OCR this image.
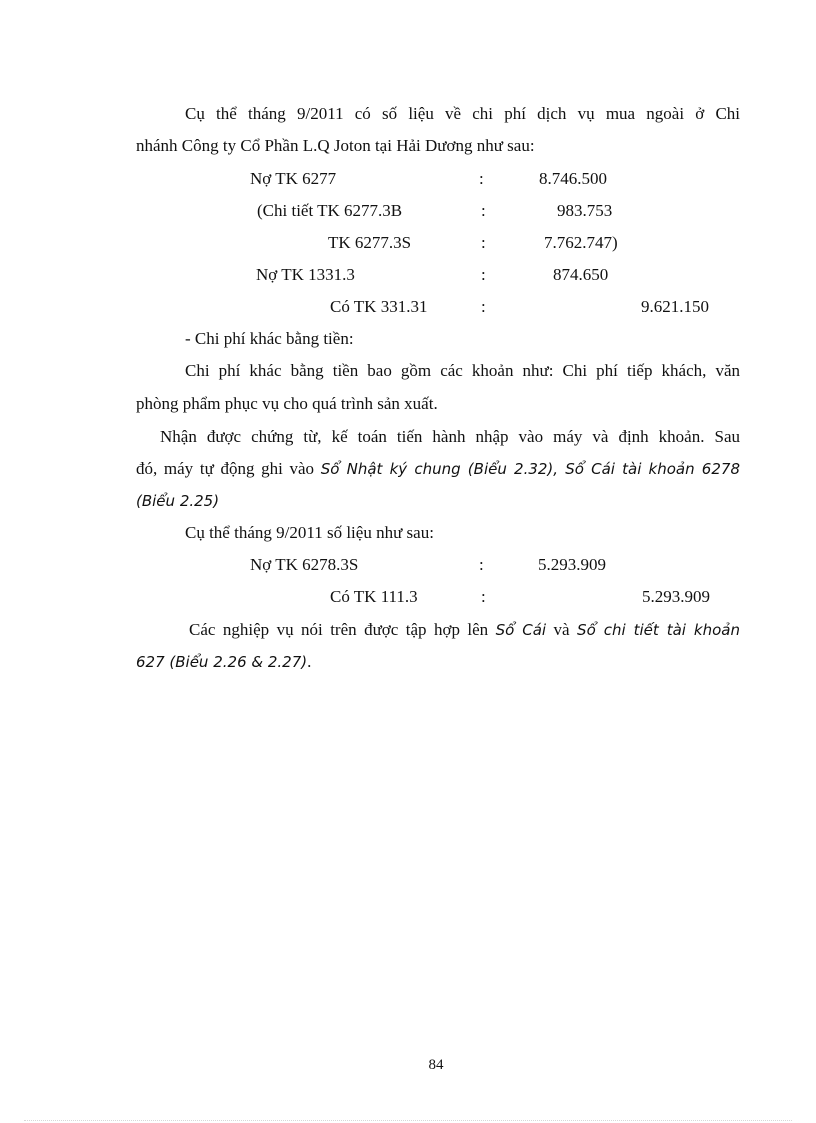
Cụ thể tháng 9/2011 có số liệu về chi phí dịch vụ mua ngoài ở Chi
nhánh Công ty Cổ Phần L.Q Joton tại Hải Dương như sau:
Nợ TK 6277	:	8.746.500
(Chi tiết TK 6277.3B	:	983.753
TK 6277.3S	:	7.762.747)
Nợ TK 1331.3	:	874.650
Có TK 331.31	:	9.621.150
- Chi phí khác bằng tiền:
Chi phí khác bằng tiền bao gồm các khoản như: Chi phí tiếp khách, văn
phòng phẩm phục vụ cho quá trình sản xuất.
Nhận được chứng từ, kế toán tiến hành nhập vào máy và định khoản. Sau
đó, máy tự động ghi vào Sổ Nhật ký chung (Biểu 2.32), Sổ Cái tài khoản 6278
(Biểu 2.25)
Cụ thể tháng 9/2011 số liệu như sau:
Nợ TK 6278.3S	:	5.293.909
Có TK 111.3	:	5.293.909
Các nghiệp vụ nói trên được tập hợp lên Sổ Cái và Sổ chi tiết tài khoản
627 (Biểu 2.26 & 2.27).
84
